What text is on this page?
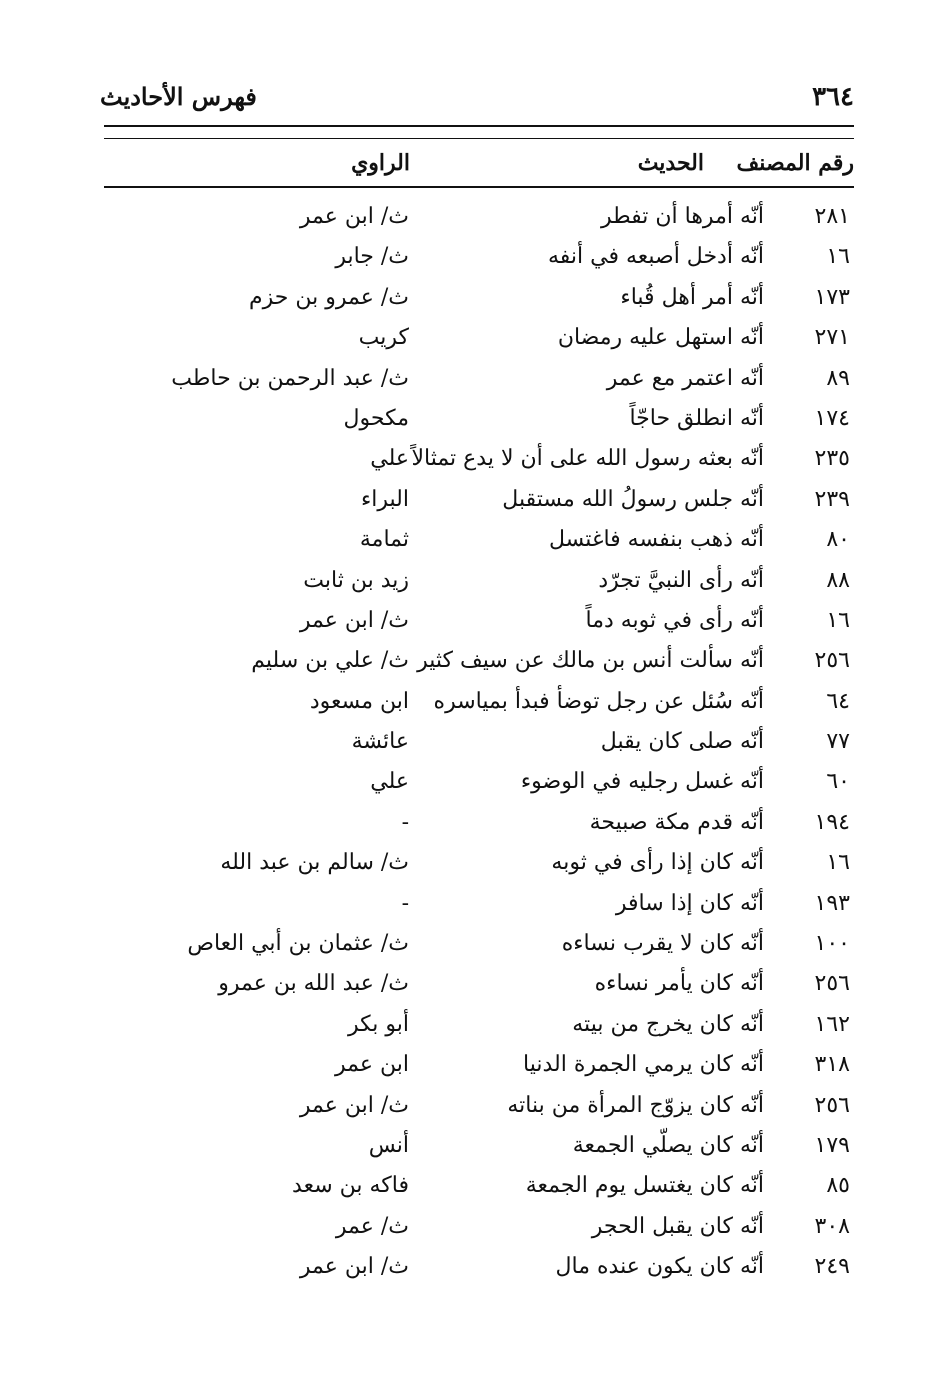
٣٦٤
فهرس الأحاديث
رقم المصنف
الحديث
الراوي
٢٨١
أنّه أمرها أن تفطر
ث/ ابن عمر
١٦
أنّه أدخل أصبعه في أنفه
ث/ جابر
١٧٣
أنّه أمر أهل قُباء
ث/ عمرو بن حزم
٢٧١
أنّه استهل عليه رمضان
كريب
٨٩
أنّه اعتمر مع عمر
ث/ عبد الرحمن بن حاطب
١٧٤
أنّه انطلق حاجّاً
مكحول
٢٣٥
أنّه بعثه رسول الله على أن لا يدع تمثالاً
علي
٢٣٩
أنّه جلس رسولُ الله مستقبل
البراء
٨٠
أنّه ذهب بنفسه فاغتسل
ثمامة
٨٨
أنّه رأى النبيَّ تجرّد
زيد بن ثابت
١٦
أنّه رأى في ثوبه دماً
ث/ ابن عمر
٢٥٦
أنّه سألت أنس بن مالك عن سيف كثير
ث/ علي بن سليم
٦٤
أنّه سُئل عن رجل توضأ فبدأ بمياسره
ابن مسعود
٧٧
أنّه صلى كان يقبل
عائشة
٦٠
أنّه غسل رجليه في الوضوء
علي
١٩٤
أنّه قدم مكة صبيحة
-
١٦
أنّه كان إذا رأى في ثوبه
ث/ سالم بن عبد الله
١٩٣
أنّه كان إذا سافر
-
١٠٠
أنّه كان لا يقرب نساءه
ث/ عثمان بن أبي العاص
٢٥٦
أنّه كان يأمر نساءه
ث/ عبد الله بن عمرو
١٦٢
أنّه كان يخرج من بيته
أبو بكر
٣١٨
أنّه كان يرمي الجمرة الدنيا
ابن عمر
٢٥٦
أنّه كان يزوّج المرأة من بناته
ث/ ابن عمر
١٧٩
أنّه كان يصلّي الجمعة
أنس
٨٥
أنّه كان يغتسل يوم الجمعة
فاكه بن سعد
٣٠٨
أنّه كان يقبل الحجر
ث/ عمر
٢٤٩
أنّه كان يكون عنده مال
ث/ ابن عمر
